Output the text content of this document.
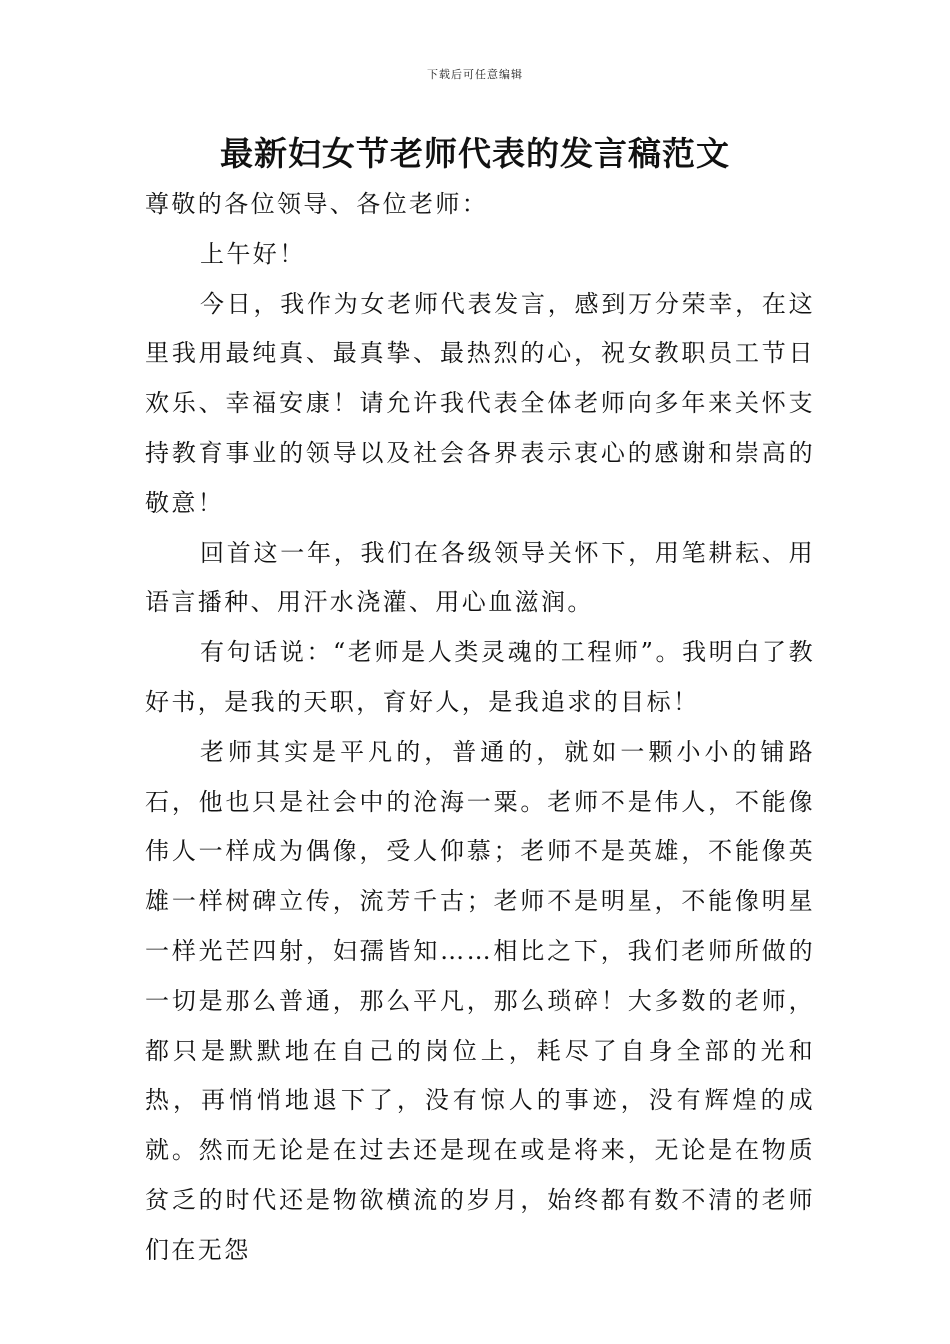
下载后可任意编辑
最新妇女节老师代表的发言稿范文

尊敬的各位领导、各位老师：

上午好！

今日，我作为女老师代表发言，感到万分荣幸，在这里我用最纯真、最真挚、最热烈的心，祝女教职员工节日欢乐、幸福安康！请允许我代表全体老师向多年来关怀支持教育事业的领导以及社会各界表示衷心的感谢和崇高的敬意！

回首这一年，我们在各级领导关怀下，用笔耕耘、用语言播种、用汗水浇灌、用心血滋润。

有句话说：“老师是人类灵魂的工程师”。我明白了教好书，是我的天职，育好人，是我追求的目标！

老师其实是平凡的，普通的，就如一颗小小的铺路石，他也只是社会中的沧海一粟。老师不是伟人，不能像伟人一样成为偶像，受人仰慕；老师不是英雄，不能像英雄一样树碑立传，流芳千古；老师不是明星，不能像明星一样光芒四射，妇孺皆知……相比之下，我们老师所做的一切是那么普通，那么平凡，那么琐碎！大多数的老师，都只是默默地在自己的岗位上，耗尽了自身全部的光和热，再悄悄地退下了，没有惊人的事迹，没有辉煌的成就。然而无论是在过去还是现在或是将来，无论是在物质贫乏的时代还是物欲横流的岁月，始终都有数不清的老师们在无怨
